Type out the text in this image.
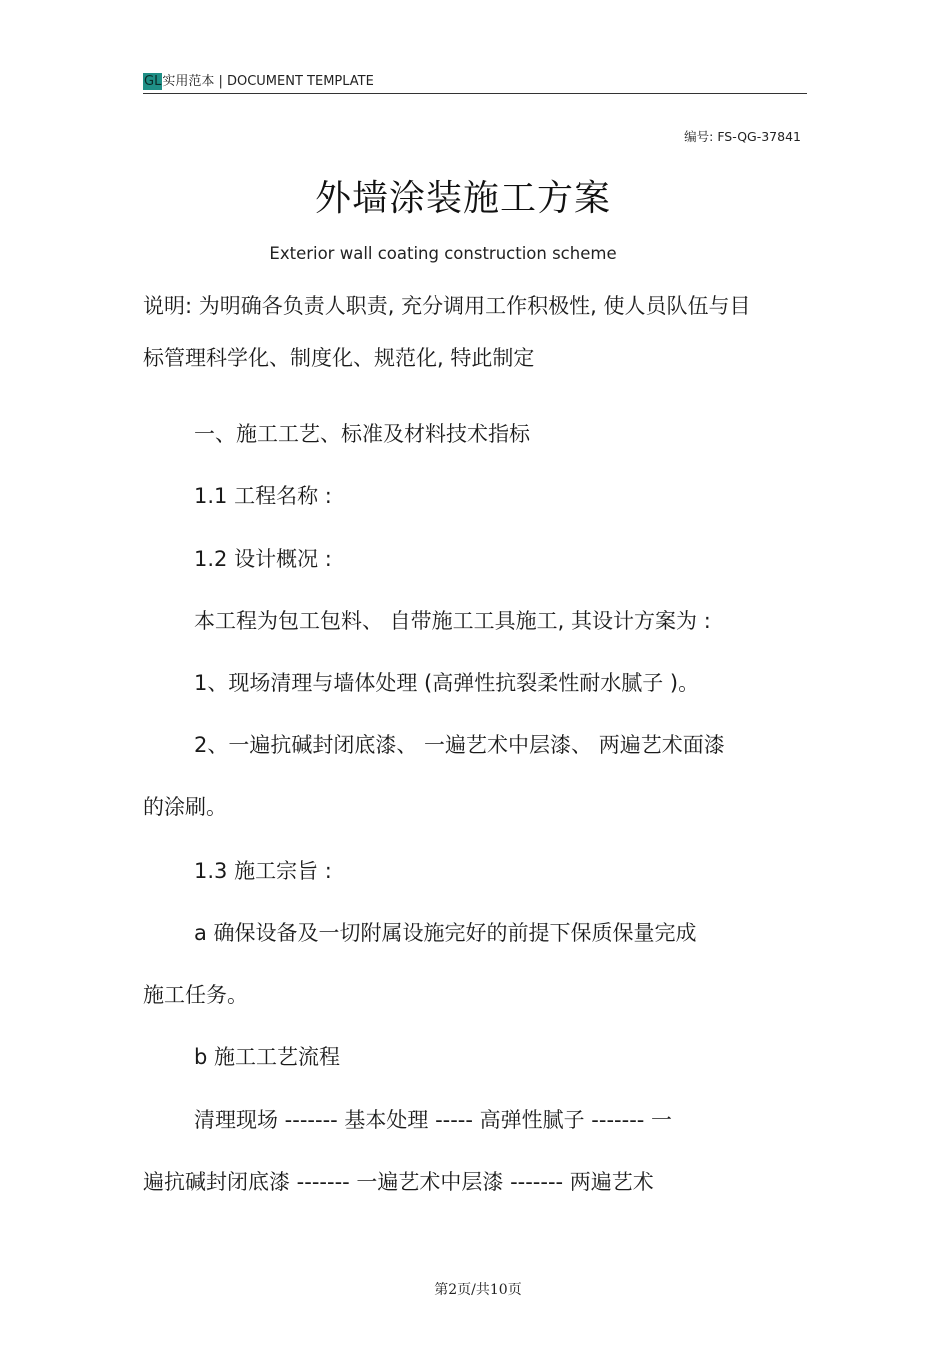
GL实用范本 | DOCUMENT TEMPLATE
编号: FS-QG-37841
外墙涂装施工方案
Exterior wall coating construction scheme
说明: 为明确各负责人职责, 充分调用工作积极性, 使人员队伍与目
标管理科学化、制度化、规范化, 特此制定
一、施工工艺、标准及材料技术指标
1.1 工程名称 :
1.2 设计概况 :
本工程为包工包料、 自带施工工具施工, 其设计方案为 :
1、现场清理与墙体处理 (高弹性抗裂柔性耐水腻子 )。
2、一遍抗碱封闭底漆、 一遍艺术中层漆、 两遍艺术面漆
的涂刷。
1.3 施工宗旨 :
a 确保设备及一切附属设施完好的前提下保质保量完成
施工任务。
b 施工工艺流程
清理现场 ------- 基本处理 ----- 高弹性腻子 ------- 一
遍抗碱封闭底漆 ------- 一遍艺术中层漆 ------- 两遍艺术
第2页/共10页
